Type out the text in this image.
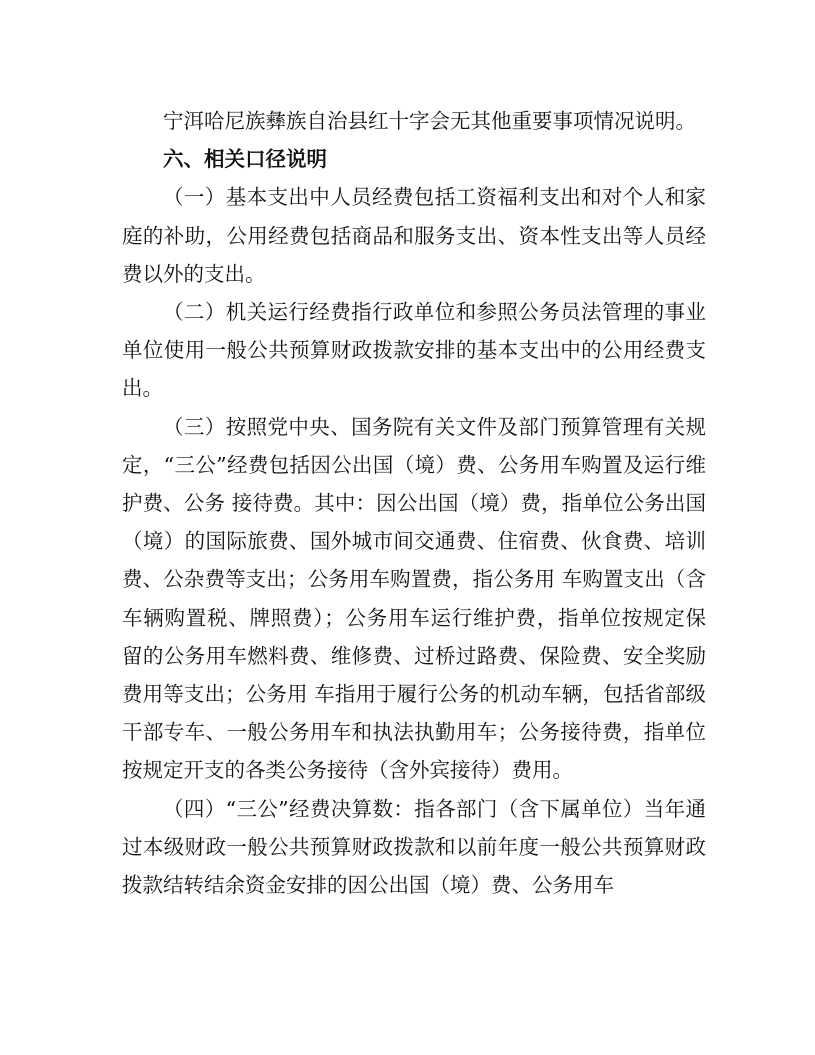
宁洱哈尼族彝族自治县红十字会无其他重要事项情况说明。

六、相关口径说明

（一）基本支出中人员经费包括工资福利支出和对个人和家庭的补助，公用经费包括商品和服务支出、资本性支出等人员经费以外的支出。

（二）机关运行经费指行政单位和参照公务员法管理的事业单位使用一般公共预算财政拨款安排的基本支出中的公用经费支出。

（三）按照党中央、国务院有关文件及部门预算管理有关规定，“三公”经费包括因公出国（境）费、公务用车购置及运行维护费、公务 接待费。其中：因公出国（境）费，指单位公务出国（境）的国际旅费、国外城市间交通费、住宿费、伙食费、培训费、公杂费等支出；公务用车购置费，指公务用 车购置支出（含车辆购置税、牌照费）；公务用车运行维护费，指单位按规定保留的公务用车燃料费、维修费、过桥过路费、保险费、安全奖励费用等支出；公务用 车指用于履行公务的机动车辆，包括省部级干部专车、一般公务用车和执法执勤用车；公务接待费，指单位按规定开支的各类公务接待（含外宾接待）费用。

（四）“三公”经费决算数：指各部门（含下属单位）当年通过本级财政一般公共预算财政拨款和以前年度一般公共预算财政拨款结转结余资金安排的因公出国（境）费、公务用车
